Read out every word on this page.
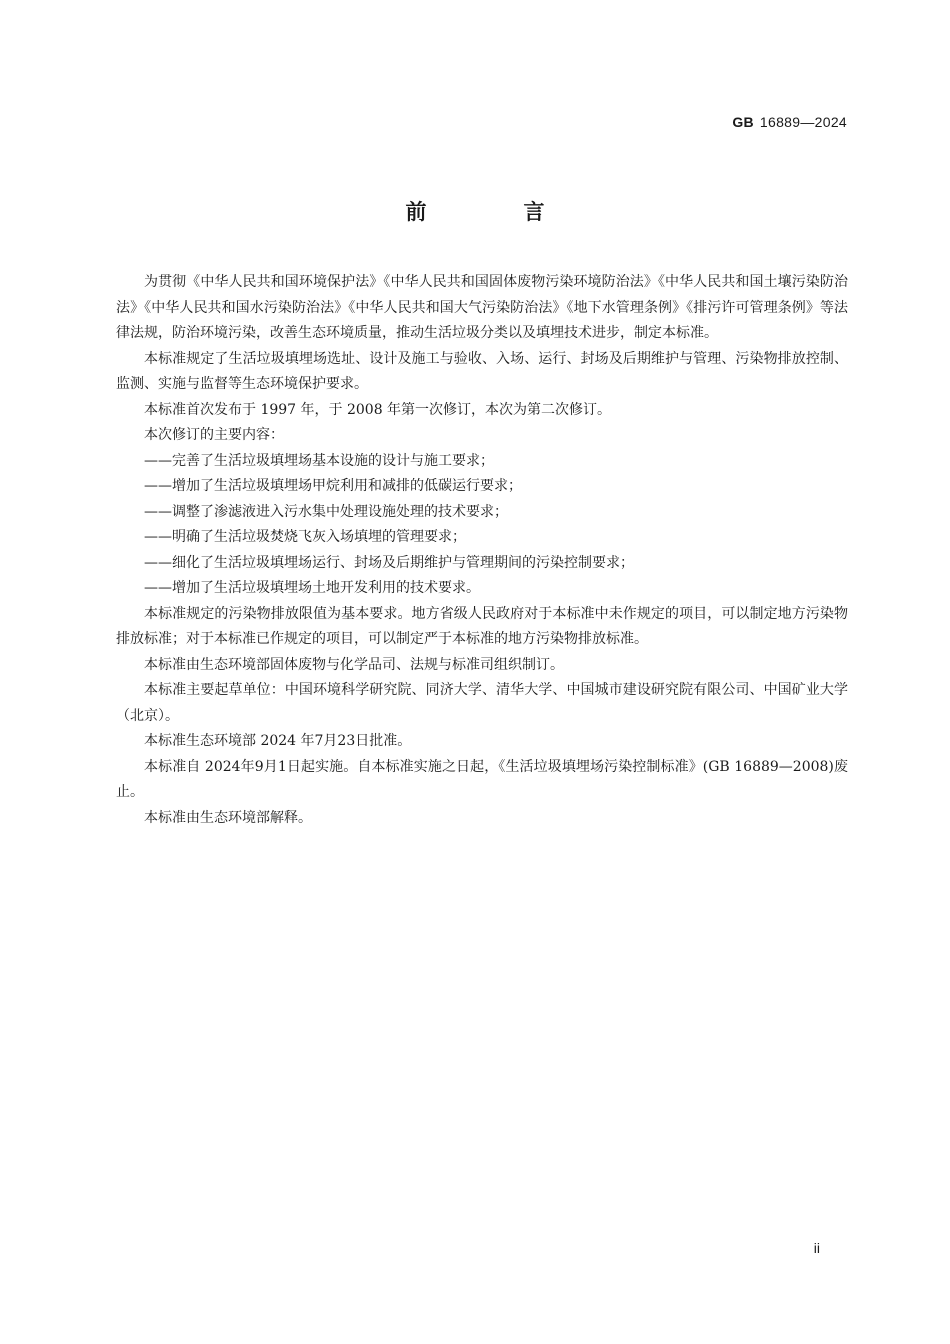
GB 16889—2024
前　言

为贯彻《中华人民共和国环境保护法》《中华人民共和国固体废物污染环境防治法》《中华人民共和国土壤污染防治法》《中华人民共和国水污染防治法》《中华人民共和国大气污染防治法》《地下水管理条例》《排污许可管理条例》等法律法规，防治环境污染，改善生态环境质量，推动生活垃圾分类以及填埋技术进步，制定本标准。

本标准规定了生活垃圾填埋场选址、设计及施工与验收、入场、运行、封场及后期维护与管理、污染物排放控制、监测、实施与监督等生态环境保护要求。

本标准首次发布于 1997 年，于 2008 年第一次修订，本次为第二次修订。

本次修订的主要内容：

——完善了生活垃圾填埋场基本设施的设计与施工要求；

——增加了生活垃圾填埋场甲烷利用和减排的低碳运行要求；

——调整了渗滤液进入污水集中处理设施处理的技术要求；

——明确了生活垃圾焚烧飞灰入场填埋的管理要求；

——细化了生活垃圾填埋场运行、封场及后期维护与管理期间的污染控制要求；

——增加了生活垃圾填埋场土地开发利用的技术要求。

本标准规定的污染物排放限值为基本要求。地方省级人民政府对于本标准中未作规定的项目，可以制定地方污染物排放标准；对于本标准已作规定的项目，可以制定严于本标准的地方污染物排放标准。

本标准由生态环境部固体废物与化学品司、法规与标准司组织制订。

本标准主要起草单位：中国环境科学研究院、同济大学、清华大学、中国城市建设研究院有限公司、中国矿业大学（北京）。

本标准生态环境部 2024 年7月23日批准。

本标准自 2024年9月1日起实施。自本标准实施之日起，《生活垃圾填埋场污染控制标准》(GB 16889—2008)废止。

本标准由生态环境部解释。

ii
